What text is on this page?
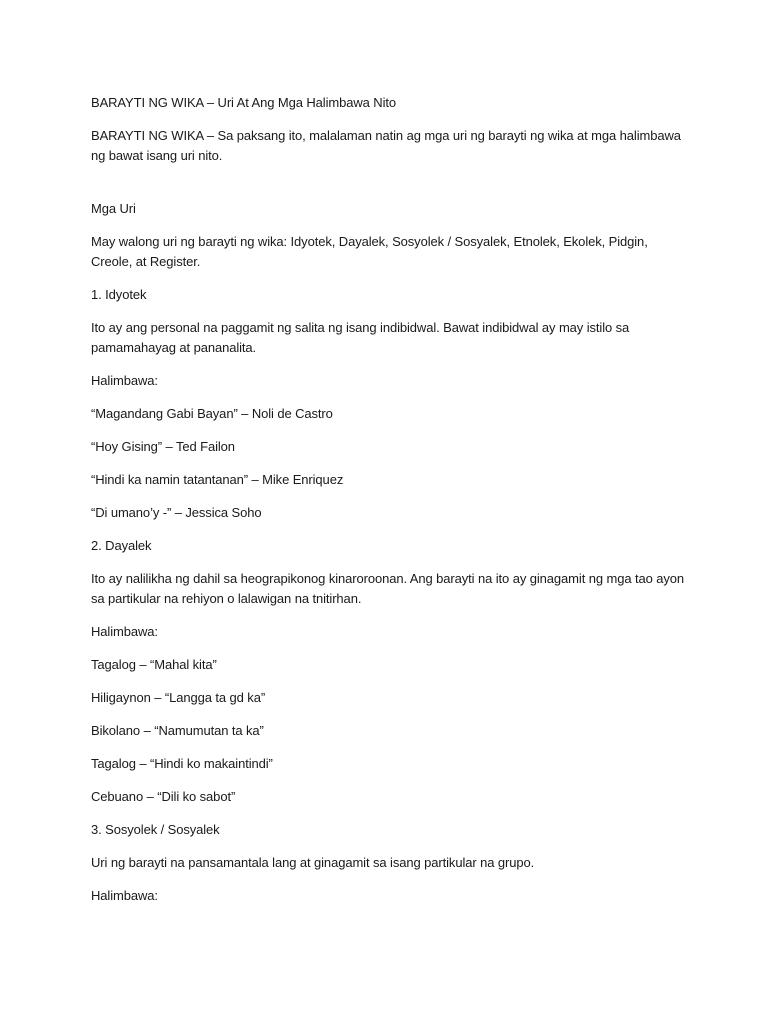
BARAYTI NG WIKA – Uri At Ang Mga Halimbawa Nito

BARAYTI NG WIKA – Sa paksang ito, malalaman natin ag mga uri ng barayti ng wika at mga halimbawa ng bawat isang uri nito.

Mga Uri

May walong uri ng barayti ng wika: Idyotek, Dayalek, Sosyolek / Sosyalek, Etnolek, Ekolek, Pidgin, Creole, at Register.

1. Idyotek

Ito ay ang personal na paggamit ng salita ng isang indibidwal. Bawat indibidwal ay may istilo sa pamamahayag at pananalita.

Halimbawa:

“Magandang Gabi Bayan” – Noli de Castro

“Hoy Gising” – Ted Failon

“Hindi ka namin tatantanan” – Mike Enriquez

“Di umano’y -” – Jessica Soho

2. Dayalek

Ito ay nalilikha ng dahil sa heograpikonog kinaroroonan. Ang barayti na ito ay ginagamit ng mga tao ayon sa partikular na rehiyon o lalawigan na tnitirhan.

Halimbawa:

Tagalog – “Mahal kita”

Hiligaynon – “Langga ta gd ka”

Bikolano – “Namumutan ta ka”

Tagalog – “Hindi ko makaintindi”

Cebuano – “Dili ko sabot”

3. Sosyolek / Sosyalek

Uri ng barayti na pansamantala lang at ginagamit sa isang partikular na grupo.

Halimbawa:
